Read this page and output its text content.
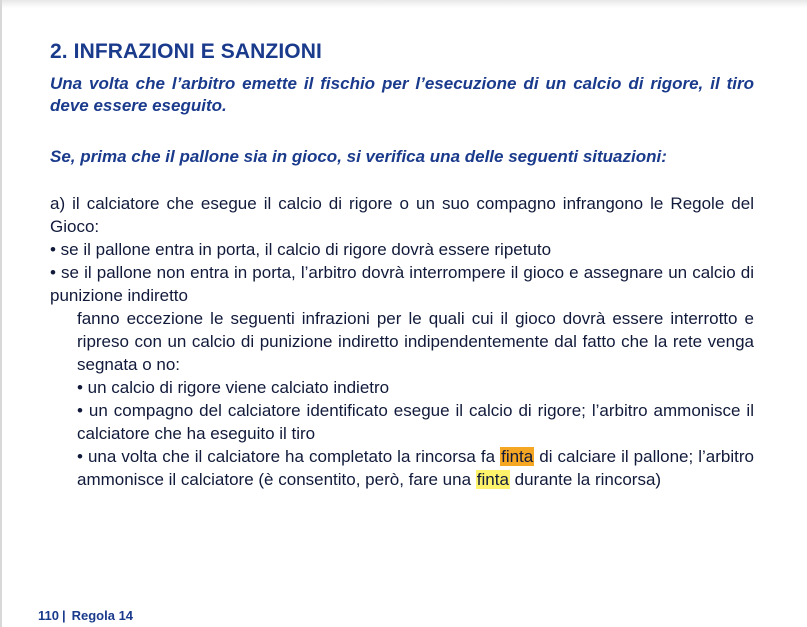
2. INFRAZIONI E SANZIONI
Una volta che l’arbitro emette il fischio per l’esecuzione di un calcio di rigore, il tiro deve essere eseguito.
Se, prima che il pallone sia in gioco, si verifica una delle seguenti situazioni:
a) il calciatore che esegue il calcio di rigore o un suo compagno infrangono le Regole del Gioco:
• se il pallone entra in porta, il calcio di rigore dovrà essere ripetuto
• se il pallone non entra in porta, l’arbitro dovrà interrompere il gioco e assegnare un calcio di punizione indiretto
fanno eccezione le seguenti infrazioni per le quali cui il gioco dovrà essere interrotto e ripreso con un calcio di punizione indiretto indipendentemente dal fatto che la rete venga segnata o no:
• un calcio di rigore viene calciato indietro
• un compagno del calciatore identificato esegue il calcio di rigore; l’arbitro ammonisce il calciatore che ha eseguito il tiro
• una volta che il calciatore ha completato la rincorsa fa finta di calciare il pallone; l’arbitro ammonisce il calciatore (è consentito, però, fare una finta durante la rincorsa)
110 | Regola 14
